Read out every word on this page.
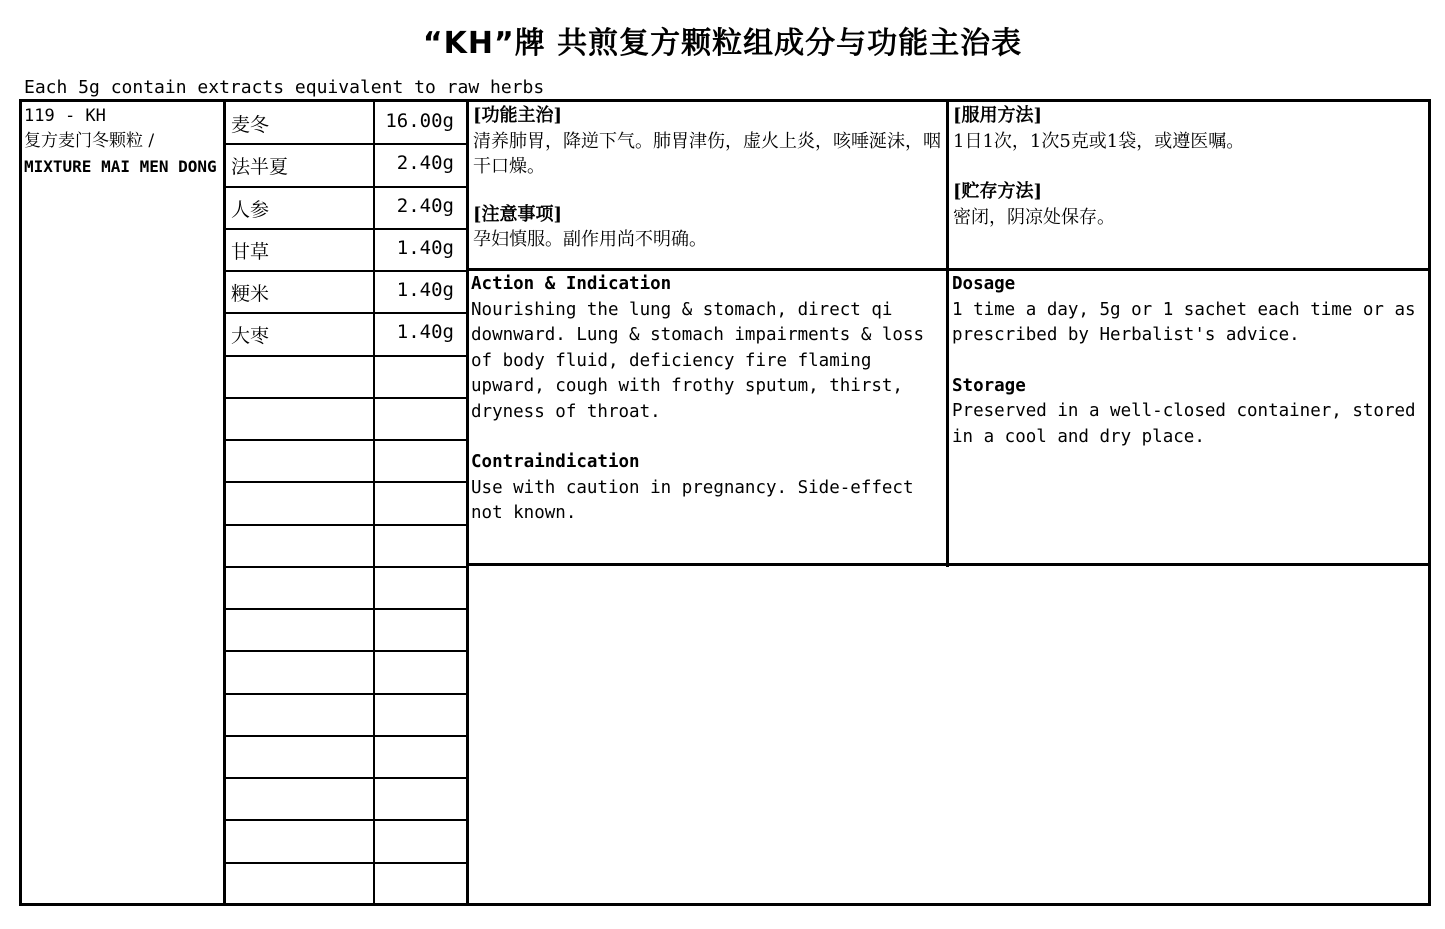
“KH”牌 共煎复方颗粒组成分与功能主治表
Each 5g contain extracts equivalent to raw herbs
119 - KH
复方麦门冬颗粒 /
MIXTURE MAI MEN DONG
麦冬	16.00g
法半夏	2.40g
人参	2.40g
甘草	1.40g
粳米	1.40g
大枣	1.40g
[功能主治]
清养肺胃，降逆下气。肺胃津伤，虚火上炎，咳唾涎沫，咽干口燥。
[注意事项]
孕妇慎服。副作用尚不明确。
[服用方法]
1日1次，1次5克或1袋，或遵医嘱。
[贮存方法]
密闭，阴凉处保存。
Action & Indication
Nourishing the lung & stomach, direct qi downward. Lung & stomach impairments & loss of body fluid, deficiency fire flaming upward, cough with frothy sputum, thirst, dryness of throat.
Contraindication
Use with caution in pregnancy. Side-effect not known.
Dosage
1 time a day, 5g or 1 sachet each time or as prescribed by Herbalist's advice.
Storage
Preserved in a well-closed container, stored in a cool and dry place.
